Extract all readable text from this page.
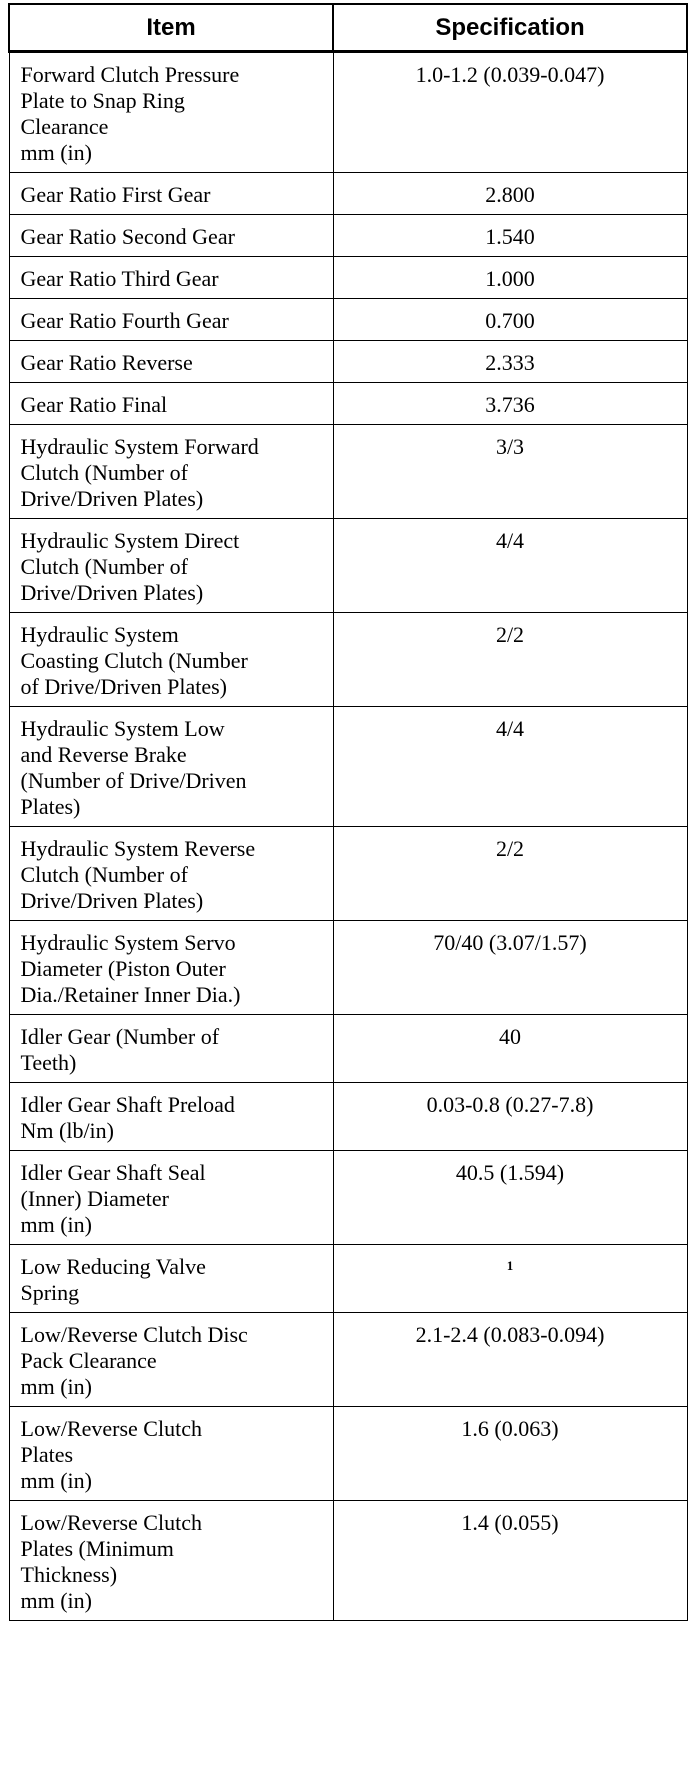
Item	Specification
Forward Clutch Pressure
Plate to Snap Ring
Clearance
mm (in)	1.0-1.2 (0.039-0.047)
Gear Ratio First Gear	2.800
Gear Ratio Second Gear	1.540
Gear Ratio Third Gear	1.000
Gear Ratio Fourth Gear	0.700
Gear Ratio Reverse	2.333
Gear Ratio Final	3.736
Hydraulic System Forward
Clutch (Number of
Drive/Driven Plates)	3/3
Hydraulic System Direct
Clutch (Number of
Drive/Driven Plates)	4/4
Hydraulic System
Coasting Clutch (Number
of Drive/Driven Plates)	2/2
Hydraulic System Low
and Reverse Brake
(Number of Drive/Driven
Plates)	4/4
Hydraulic System Reverse
Clutch (Number of
Drive/Driven Plates)	2/2
Hydraulic System Servo
Diameter (Piston Outer
Dia./Retainer Inner Dia.)	70/40 (3.07/1.57)
Idler Gear (Number of
Teeth)	40
Idler Gear Shaft Preload
Nm (lb/in)	0.03-0.8 (0.27-7.8)
Idler Gear Shaft Seal
(Inner) Diameter
mm (in)	40.5 (1.594)
Low Reducing Valve
Spring	1
Low/Reverse Clutch Disc
Pack Clearance
mm (in)	2.1-2.4 (0.083-0.094)
Low/Reverse Clutch
Plates
mm (in)	1.6 (0.063)
Low/Reverse Clutch
Plates (Minimum
Thickness)
mm (in)	1.4 (0.055)
